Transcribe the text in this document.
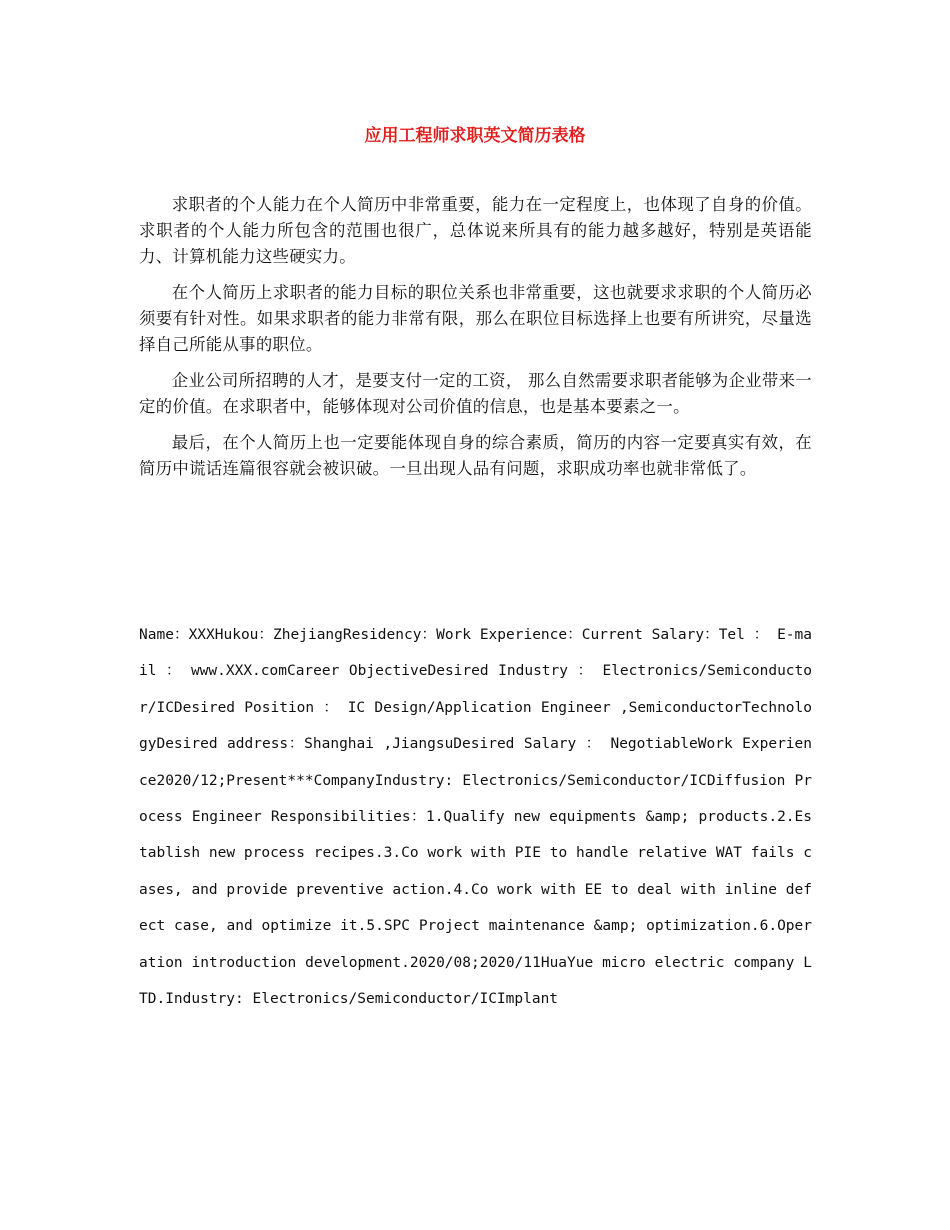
应用工程师求职英文简历表格

求职者的个人能力在个人简历中非常重要，能力在一定程度上，也体现了自身的价值。求职者的个人能力所包含的范围也很广，总体说来所具有的能力越多越好，特别是英语能力、计算机能力这些硬实力。

在个人简历上求职者的能力目标的职位关系也非常重要，这也就要求求职的个人简历必须要有针对性。如果求职者的能力非常有限，那么在职位目标选择上也要有所讲究，尽量选择自己所能从事的职位。

企业公司所招聘的人才，是要支付一定的工资， 那么自然需要求职者能够为企业带来一定的价值。在求职者中，能够体现对公司价值的信息，也是基本要素之一。

最后，在个人简历上也一定要能体现自身的综合素质，简历的内容一定要真实有效，在简历中谎话连篇很容就会被识破。一旦出现人品有问题，求职成功率也就非常低了。

Name：XXXHukou：ZhejiangResidency：Work Experience：Current Salary：Tel ： E-mail ： www.XXX.comCareer ObjectiveDesired Industry ： Electronics/Semiconductor/ICDesired Position ： IC Design/Application Engineer ,SemiconductorTechnologyDesired address：Shanghai ,JiangsuDesired Salary ： NegotiableWork Experience2020/12;Present***CompanyIndustry: Electronics/Semiconductor/ICDiffusion Process Engineer Responsibilities：1.Qualify new equipments &amp; products.2.Establish new process recipes.3.Co work with PIE to handle relative WAT fails cases, and provide preventive action.4.Co work with EE to deal with inline defect case, and optimize it.5.SPC Project maintenance &amp; optimization.6.Operation introduction development.2020/08;2020/11HuaYue micro electric company LTD.Industry: Electronics/Semiconductor/ICImplant
